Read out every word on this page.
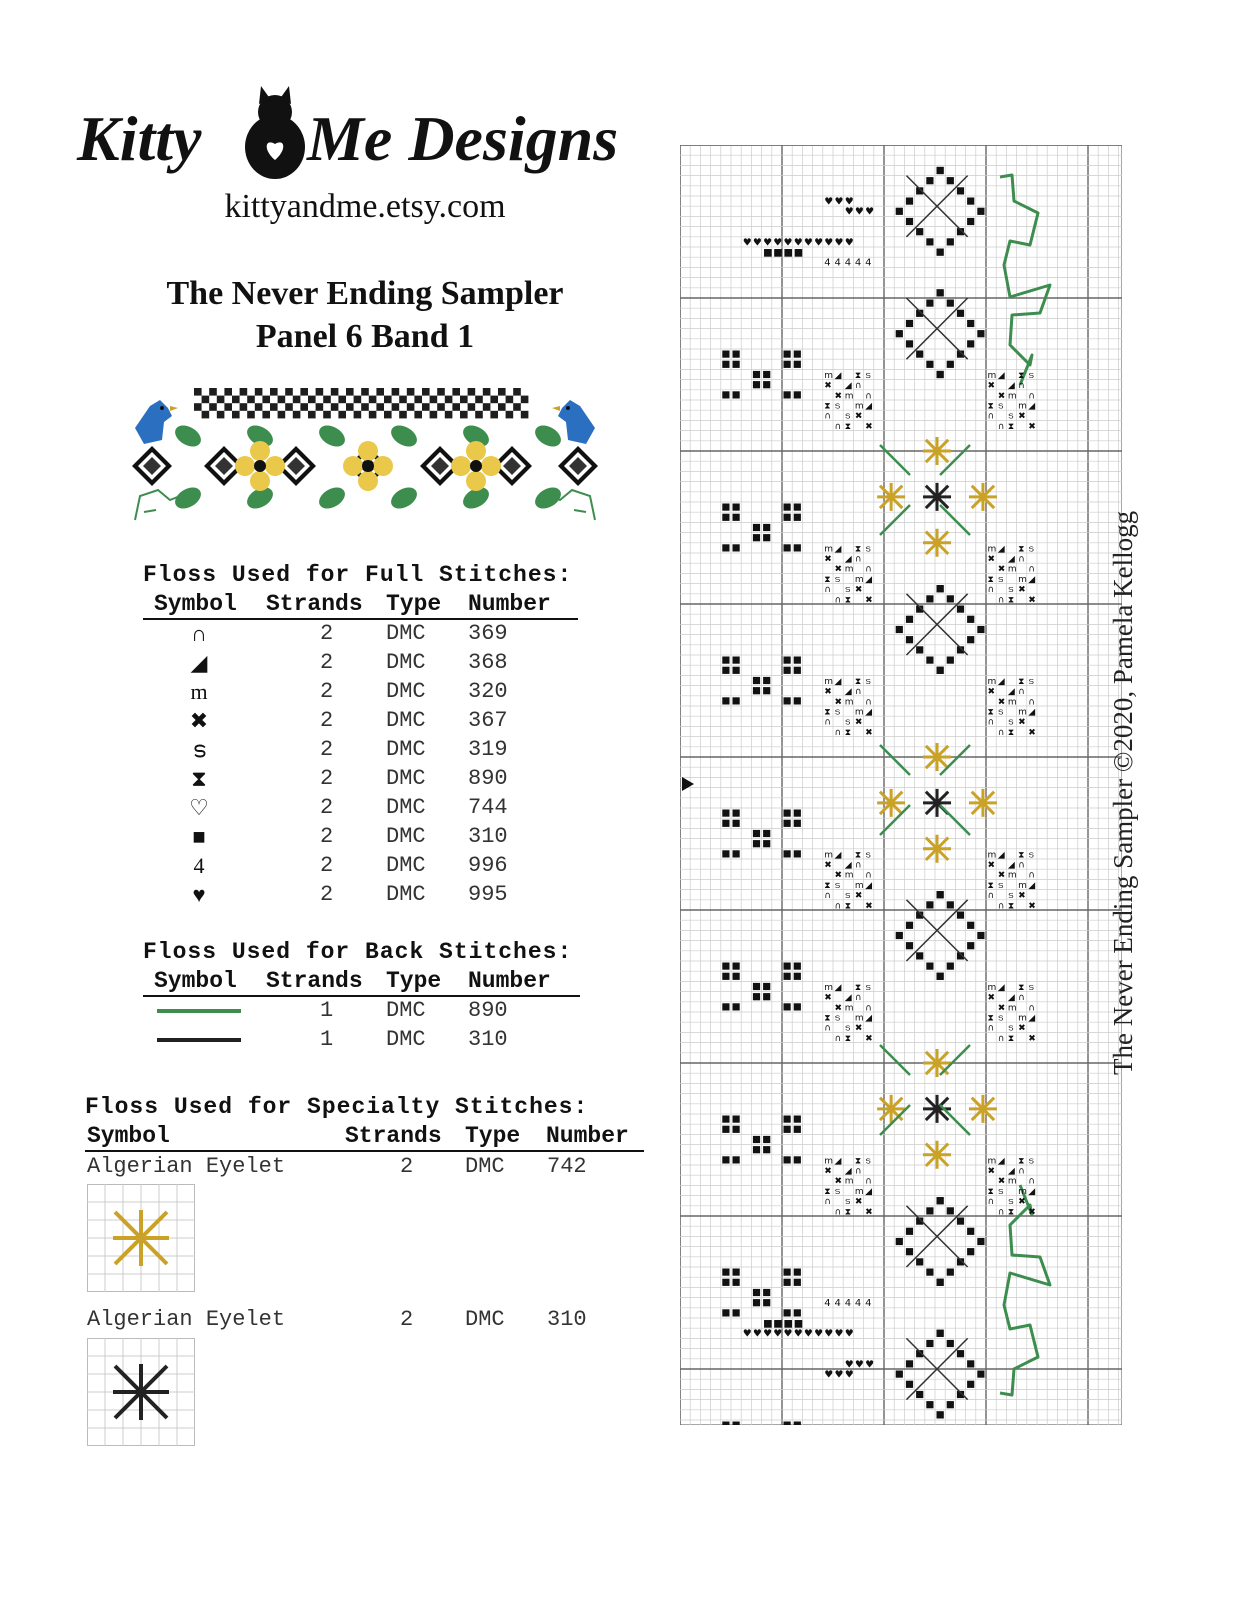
Kitty Me Designs
kittyandme.etsy.com
The Never Ending Sampler
Panel 6 Band 1
Floss Used for Full Stitches:
Symbol Strands Type Number
∩	2 DMC 369
◢	2 DMC 368
m	2 DMC 320
✖	2 DMC 367
ട	2 DMC 319
⧗	2 DMC 890
♡	2 DMC 744
■	2 DMC 310
4	2 DMC 996
♥	2 DMC 995
Floss Used for Back Stitches:
Symbol Strands Type Number
1 DMC 890
1 DMC 310
Floss Used for Specialty Stitches:
Symbol	Strands Type Number
Algerian Eyelet	2 DMC 742
Algerian Eyelet	2 DMC 310
♥ ♥ ♥ ♥ ♥ ♥ ♥ ♥ ♥ ♥ ♥
■ ■ ■ ■
♥ ♥ ♥
♥ ♥ ♥
4 4 4 4 4
♥ ♥ ♥ ♥ ♥ ♥ ♥ ♥ ♥ ♥ ♥
■ ■ ■ ■
♥ ♥ ♥
♥ ♥ ♥
4 4 4 4 4
m ◢ ⧗ ട
✖ ◢ ∩
✖ m ∩
⧗ ട m ◢
∩ ട ✖
∩ ⧗ ✖
m ◢ ⧗ ട
✖ ◢ ∩
✖ m ∩
⧗ ട m ◢
∩ ട ✖
∩ ⧗ ✖
m ◢ ⧗ ട
✖ ◢ ∩
✖ m ∩
⧗ ട m ◢
∩ ട ✖
∩ ⧗ ✖
m ◢ ⧗ ട
✖ ◢ ∩
✖ m ∩
⧗ ട m ◢
∩ ട ✖
∩ ⧗ ✖
m ◢ ⧗ ട
✖ ◢ ∩
✖ m ∩
⧗ ട m ◢
∩ ട ✖
∩ ⧗ ✖
m ◢ ⧗ ട
✖ ◢ ∩
✖ m ∩
⧗ ട m ◢
∩ ട ✖
∩ ⧗ ✖
m ◢ ⧗ ട
✖ ◢ ∩
✖ m ∩
⧗ ട m ◢
∩ ട ✖
∩ ⧗ ✖
m ◢ ⧗ ട
✖ ◢ ∩
✖ m ∩
⧗ ട m ◢
∩ ട ✖
∩ ⧗ ✖
m ◢ ⧗ ട
✖ ◢ ∩
✖ m ∩
⧗ ട m ◢
∩ ട ✖
∩ ⧗ ✖
m ◢ ⧗ ട
✖ ◢ ∩
✖ m ∩
⧗ ട m ◢
∩ ട ✖
∩ ⧗ ✖
m ◢ ⧗ ട
✖ ◢ ∩
✖ m ∩
⧗ ട m ◢
∩ ട ✖
∩ ⧗ ✖
m ◢ ⧗ ട
✖ ◢ ∩
✖ m ∩
⧗ ട m ◢
∩ ട ✖
∩ ⧗ ✖
The Never Ending Sampler ©2020, Pamela Kellogg
